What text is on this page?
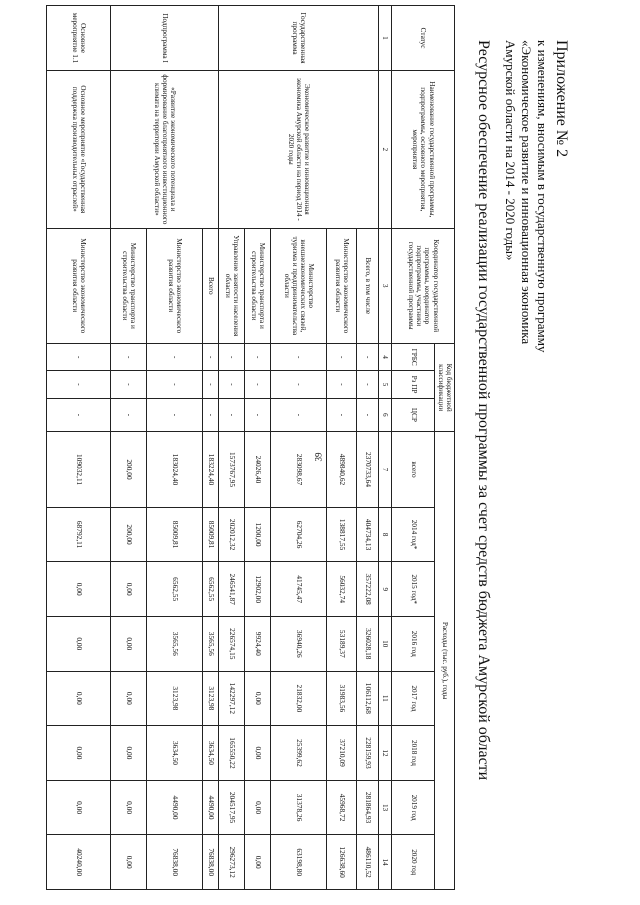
39
Приложение № 2
к изменениям, вносимым в государственную программу
«Экономическое развитие и инновационная экономика
Амурской области на 2014 - 2020 годы»
Ресурсное обеспечение реализации государственной программы за счет средств бюджета Амурской области
Статус	Наименование государственной программы, подпрограммы, основного мероприятия, мероприятия	Координатор государственной программы, координатор подпрограммы, участники государственной программы	Код бюджетной классификации			Расходы (тыс. руб.), годы							
			ГРБС	Рз ПР	ЦСР	всего	2014 год*	2015 год*	2016 год	2017 год	2018 год	2019 год	2020 год

1	2	3	4	5	6	7	8	9	10	11	12	13	14
Государственная программа	Экономическое развитие и инновационная экономика Амурской области на период 2014 - 2020 годы	Всего, в том числе	-	-	-	2370733,64	404734,13	357222,08	326028,18	106112,68	228159,93	281864,93	486110,52
		Министерство экономического развития области	-	-	-	489840,62	138817,55	56032,74	53189,37	31983,56	37210,09	45968,72	126638,60
		Министерство внешнеэкономических связей, туризма и предпринимательства области	-	-	-	283098,67	62704,26	41745,47	36940,26	21832,00	25399,62	31378,26	63198,80
		Министерство транспорта и строительства области	-	-	-	24026,40	1200,00	12902,00	9924,40	0,00	0,00	0,00	0,00
		Управление занятости населения области	-	-	-	1573767,95	202012,32	246541,87	226574,15	142297,12	165550,22	204517,95	296273,12
Подпрограмма I	«Развитие экономического потенциала и формирование благоприятного инвестиционного климата на территории Амурской области»	Всего	-	-	-	183224,40	85009,81	6562,55	3565,56	3123,98	3634,50	4490,00	76838,00
		Министерство экономического развития области	-	-	-	183024,40	85009,81	6562,55	3565,56	3123,98	3634,50	4490,00	76838,00
		Министерство транспорта и строительства области	-	-	-	200,00	200,00	0,00	0,00	0,00	0,00	0,00	0,00
Основное мероприятие 1.1	Основное мероприятие «Государственная поддержка производительных отраслей»	Министерство экономического развития области	-	-	-	109032,11	68792,11	0,00	0,00	0,00	0,00	0,00	40240,00
